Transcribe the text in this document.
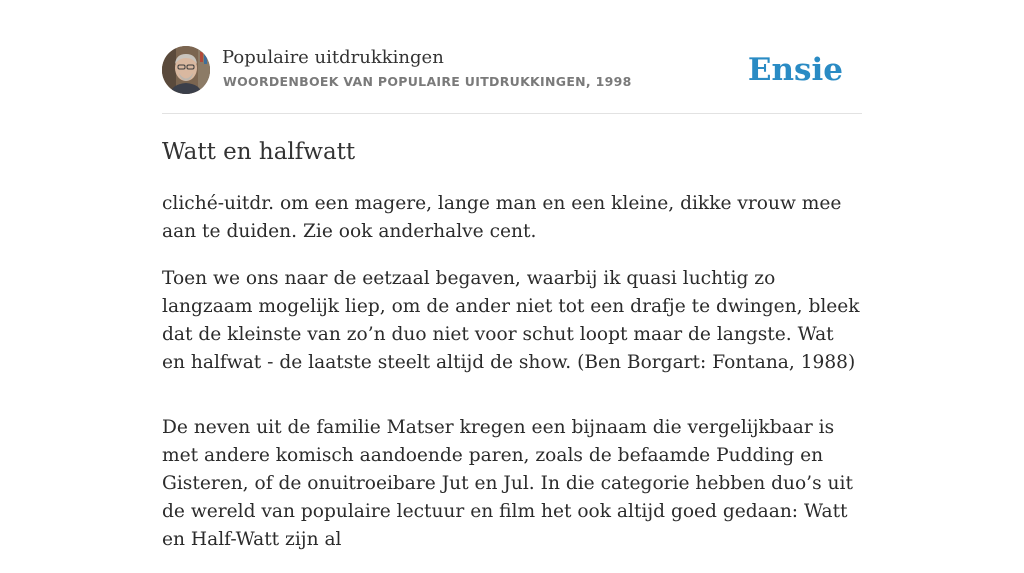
Populaire uitdrukkingen
WOORDENBOEK VAN POPULAIRE UITDRUKKINGEN, 1998	Ensie
Watt en halfwatt

cliché-uitdr. om een magere, lange man en een kleine, dikke vrouw mee aan te duiden. Zie ook anderhalve cent.

Toen we ons naar de eetzaal begaven, waarbij ik quasi luchtig zo langzaam mogelijk liep, om de ander niet tot een drafje te dwingen, bleek dat de kleinste van zo’n duo niet voor schut loopt maar de langste. Wat en halfwat - de laatste steelt altijd de show. (Ben Borgart: Fontana, 1988)

De neven uit de familie Matser kregen een bijnaam die vergelijkbaar is met andere komisch aandoende paren, zoals de befaamde Pudding en Gisteren, of de onuitroeibare Jut en Jul. In die categorie hebben duo’s uit de wereld van populaire lectuur en film het ook altijd goed gedaan: Watt en Half-Watt zijn al
